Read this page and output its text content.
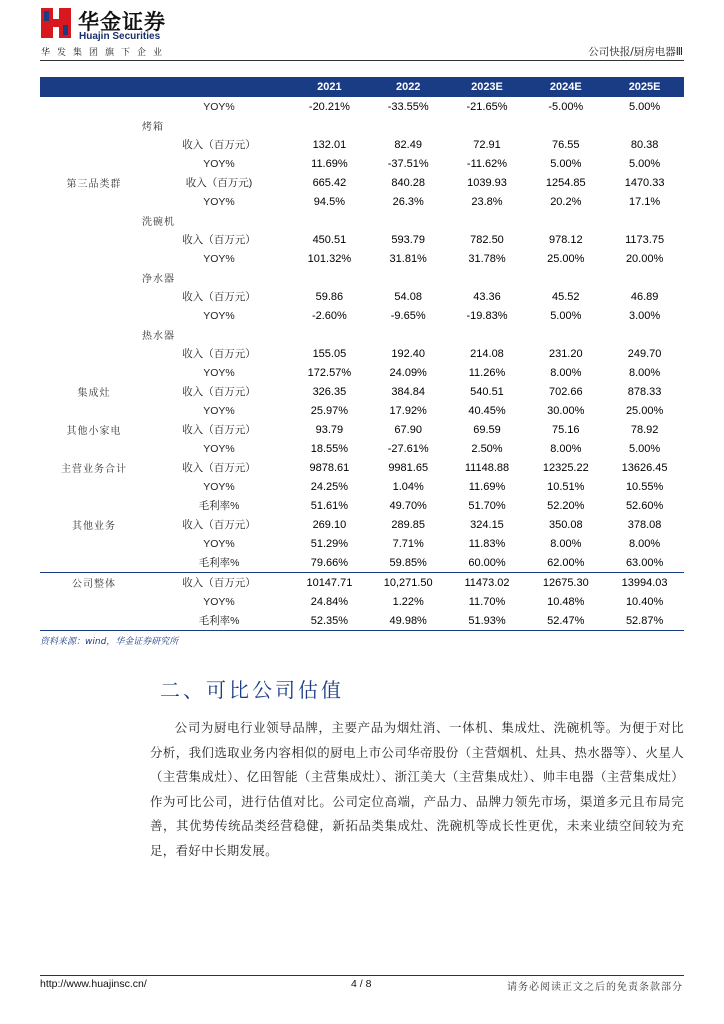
华金证券
Huajin Securities
华发集团旗下企业	公司快报/厨房电器Ⅲ
		2021	2022	2023E	2024E	2025E
	YOY%	-20.21%	-33.55%	-21.65%	-5.00%	5.00%
烤箱						
	收入（百万元）	132.01	82.49	72.91	76.55	80.38
	YOY%	11.69%	-37.51%	-11.62%	5.00%	5.00%
第三品类群	收入（百万元)	665.42	840.28	1039.93	1254.85	1470.33
	YOY%	94.5%	26.3%	23.8%	20.2%	17.1%
洗碗机						
	收入（百万元）	450.51	593.79	782.50	978.12	1173.75
	YOY%	101.32%	31.81%	31.78%	25.00%	20.00%
净水器						
	收入（百万元）	59.86	54.08	43.36	45.52	46.89
	YOY%	-2.60%	-9.65%	-19.83%	5.00%	3.00%
热水器						
	收入（百万元）	155.05	192.40	214.08	231.20	249.70
	YOY%	172.57%	24.09%	11.26%	8.00%	8.00%
集成灶	收入（百万元）	326.35	384.84	540.51	702.66	878.33
	YOY%	25.97%	17.92%	40.45%	30.00%	25.00%
其他小家电	收入（百万元）	93.79	67.90	69.59	75.16	78.92
	YOY%	18.55%	-27.61%	2.50%	8.00%	5.00%
主营业务合计	收入（百万元）	9878.61	9981.65	11148.88	12325.22	13626.45
	YOY%	24.25%	1.04%	11.69%	10.51%	10.55%
	毛利率%	51.61%	49.70%	51.70%	52.20%	52.60%
其他业务	收入（百万元）	269.10	289.85	324.15	350.08	378.08
	YOY%	51.29%	7.71%	11.83%	8.00%	8.00%
	毛利率%	79.66%	59.85%	60.00%	62.00%	63.00%
公司整体	收入（百万元）	10147.71	10,271.50	11473.02	12675.30	13994.03
	YOY%	24.84%	1.22%	11.70%	10.48%	10.40%
	毛利率%	52.35%	49.98%	51.93%	52.47%	52.87%
资料来源：wind，华金证券研究所
二、可比公司估值

公司为厨电行业领导品牌，主要产品为烟灶消、一体机、集成灶、洗碗机等。为便于对比分析，我们选取业务内容相似的厨电上市公司华帝股份（主营烟机、灶具、热水器等）、火星人（主营集成灶）、亿田智能（主营集成灶）、浙江美大（主营集成灶）、帅丰电器（主营集成灶）作为可比公司，进行估值对比。公司定位高端，产品力、品牌力领先市场，渠道多元且布局完善，其优势传统品类经营稳健，新拓品类集成灶、洗碗机等成长性更优，未来业绩空间较为充足，看好中长期发展。

http://www.huajinsc.cn/	4 / 8	请务必阅读正文之后的免责条款部分
